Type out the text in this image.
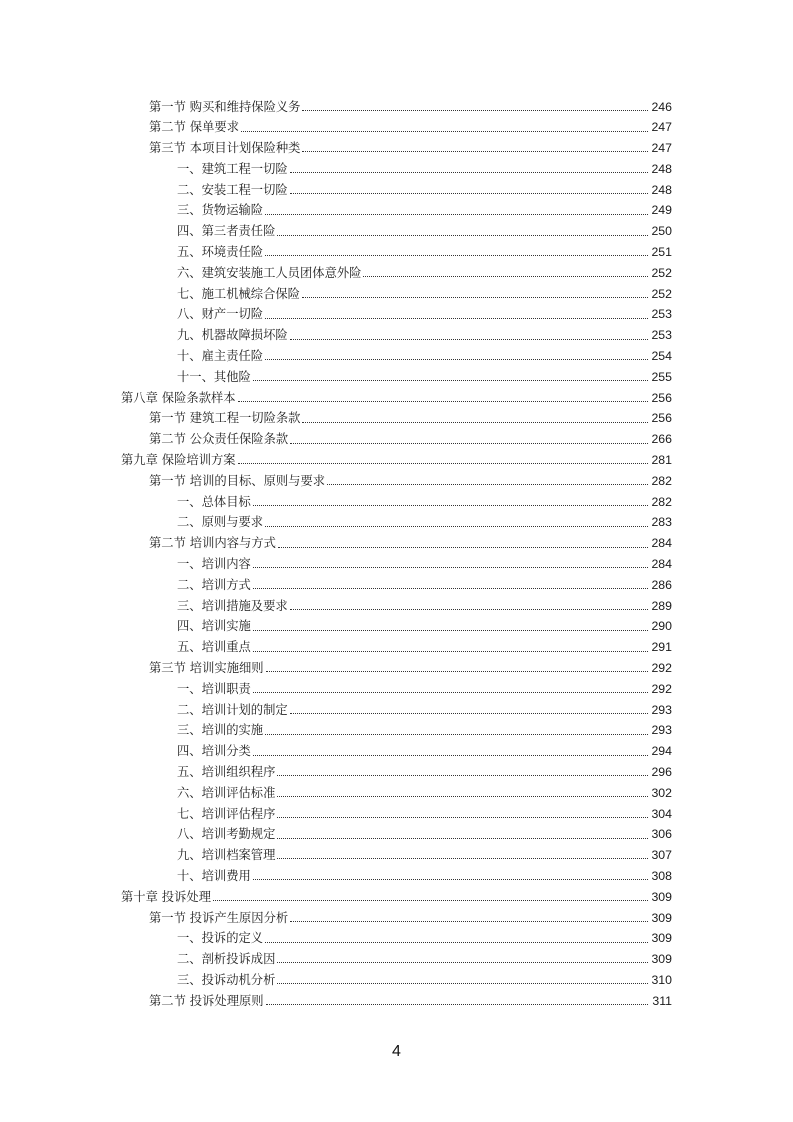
第一节 购买和维持保险义务	246
第二节 保单要求	247
第三节 本项目计划保险种类	247
一、建筑工程一切险	248
二、安装工程一切险	248
三、货物运输险	249
四、第三者责任险	250
五、环境责任险	251
六、建筑安装施工人员团体意外险	252
七、施工机械综合保险	252
八、财产一切险	253
九、机器故障损坏险	253
十、雇主责任险	254
十一、其他险	255
第八章 保险条款样本	256
第一节 建筑工程一切险条款	256
第二节 公众责任保险条款	266
第九章 保险培训方案	281
第一节 培训的目标、原则与要求	282
一、总体目标	282
二、原则与要求	283
第二节 培训内容与方式	284
一、培训内容	284
二、培训方式	286
三、培训措施及要求	289
四、培训实施	290
五、培训重点	291
第三节 培训实施细则	292
一、培训职责	292
二、培训计划的制定	293
三、培训的实施	293
四、培训分类	294
五、培训组织程序	296
六、培训评估标准	302
七、培训评估程序	304
八、培训考勤规定	306
九、培训档案管理	307
十、培训费用	308
第十章 投诉处理	309
第一节 投诉产生原因分析	309
一、投诉的定义	309
二、剖析投诉成因	309
三、投诉动机分析	310
第二节 投诉处理原则	311
4
